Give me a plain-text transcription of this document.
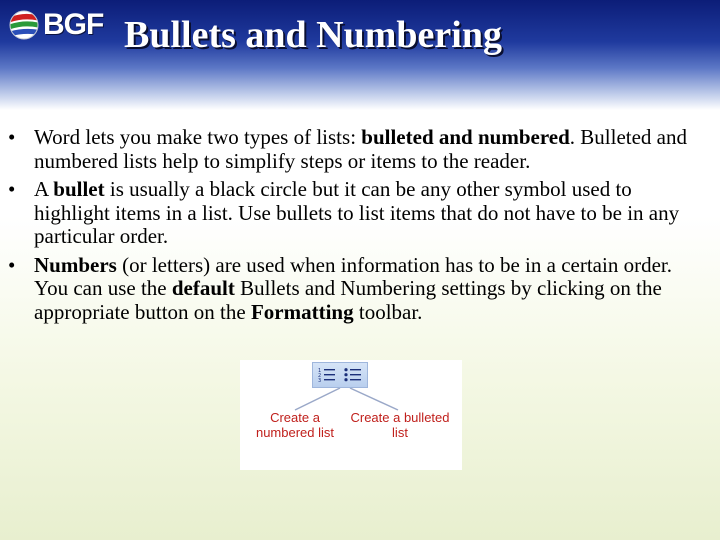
BGF Bullets and Numbering
• Word lets you make two types of lists: bulleted and numbered. Bulleted and numbered lists help to simplify steps or items to the reader.
• A bullet is usually a black circle but it can be any other symbol used to highlight items in a list. Use bullets to list items that do not have to be in any particular order.
• Numbers (or letters) are used when information has to be in a certain order. You can use the default Bullets and Numbering settings by clicking on the appropriate button on the Formatting toolbar.
1
2
3
Create a numbered list
Create a bulleted list
